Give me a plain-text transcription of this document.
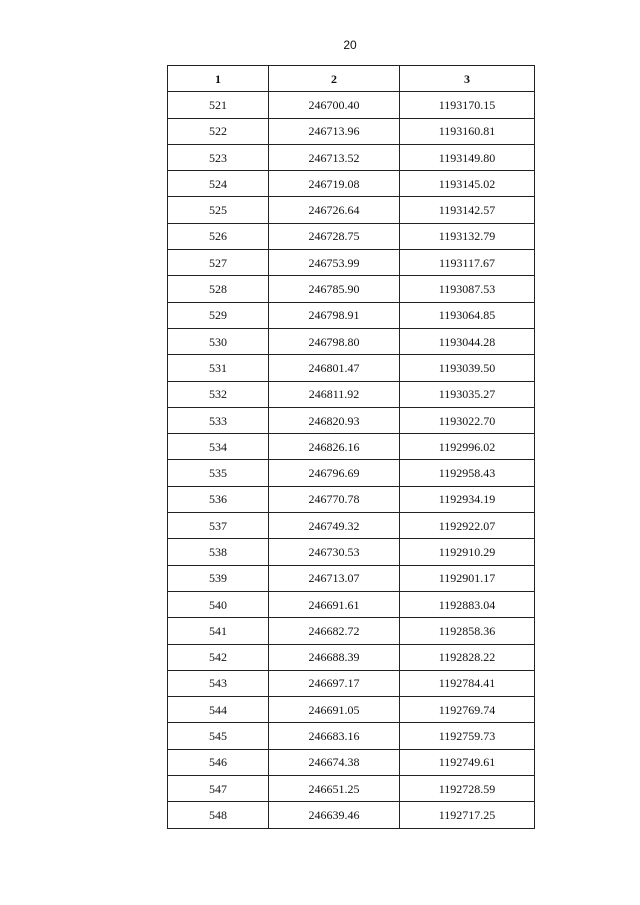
20
1	2	3
521	246700.40	1193170.15
522	246713.96	1193160.81
523	246713.52	1193149.80
524	246719.08	1193145.02
525	246726.64	1193142.57
526	246728.75	1193132.79
527	246753.99	1193117.67
528	246785.90	1193087.53
529	246798.91	1193064.85
530	246798.80	1193044.28
531	246801.47	1193039.50
532	246811.92	1193035.27
533	246820.93	1193022.70
534	246826.16	1192996.02
535	246796.69	1192958.43
536	246770.78	1192934.19
537	246749.32	1192922.07
538	246730.53	1192910.29
539	246713.07	1192901.17
540	246691.61	1192883.04
541	246682.72	1192858.36
542	246688.39	1192828.22
543	246697.17	1192784.41
544	246691.05	1192769.74
545	246683.16	1192759.73
546	246674.38	1192749.61
547	246651.25	1192728.59
548	246639.46	1192717.25
